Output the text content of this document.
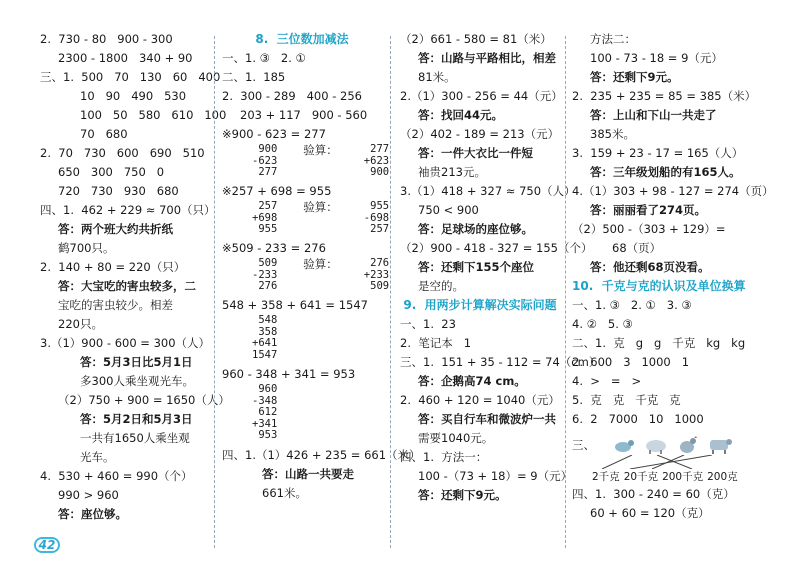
2.  730 - 80   900 - 300
2300 - 1800   340 + 90
三、1.  500   70   130   60   400
10   90   490   530
100   50   580   610   100
70   680
2.  70   730   600   690   510
650   300   750   0
720   730   930   680
四、1.  462 + 229 ≈ 700（只）
答：两个班大约共折纸
鹤700只。
2.  140 + 80 = 220（只）
答：大宝吃的害虫较多，二
宝吃的害虫较少。相差
220只。
3.（1）900 - 600 = 300（人）
答：5月3日比5月1日
多300人乘坐观光车。
（2）750 + 900 = 1650（人）
答：5月2日和5月3日
一共有1650人乘坐观
光车。
4.  530 + 460 = 990（个）
990 > 960
答：座位够。
8.  三位数加减法
一、1. ③   2. ①
二、1.  185
2.  300 - 289   400 - 256
203 + 117   900 - 560
※900 - 623 = 277
900
-623
277
验算：	277
+623
900
※257 + 698 = 955
257
+698
955
验算：	955
-698
257
※509 - 233 = 276
509
-233
276
验算：	276
+233
509
548 + 358 + 641 = 1547
548
358
+641
1547
960 - 348 + 341 = 953
960
-348
612
+341
953
四、1.（1）426 + 235 = 661（米）
答：山路一共要走
661米。
（2）661 - 580 = 81（米）
答：山路与平路相比，相差
81米。
2.（1）300 - 256 = 44（元）
答：找回44元。
（2）402 - 189 = 213（元）
答：一件大衣比一件短
袖贵213元。
3.（1）418 + 327 ≈ 750（人）
750 < 900
答：足球场的座位够。
（2）900 - 418 - 327 = 155（个）
答：还剩下155个座位
是空的。
9.  用两步计算解决实际问题
一、1.  23
2.  笔记本   1
三、1.  151 + 35 - 112 = 74（cm）
答：企鹅高74 cm。
2.  460 + 120 = 1040（元）
答：买自行车和微波炉一共
需要1040元。
四、1.  方法一：
100 -（73 + 18）= 9（元）
答：还剩下9元。
方法二：
100 - 73 - 18 = 9（元）
答：还剩下9元。
2.  235 + 235 = 85 = 385（米）
答：上山和下山一共走了
385米。
3.  159 + 23 - 17 = 165（人）
答：三年级划船的有165人。
4.（1）303 + 98 - 127 = 274（页）
答：丽丽看了274页。
（2）500 -（303 + 129）=
68（页）
答：他还剩68页没看。
10.  千克与克的认识及单位换算
一、1. ③   2. ①   3. ③
4. ②   5. ③
二、1.  克   g   g   千克   kg   kg
2.  600   3   1000   1
4.  >   =   >
5.  克   克   千克   克
6.  2   7000   10   1000
三、
2千克 20千克 200千克 200克
四、1.  300 - 240 = 60（克）
60 + 60 = 120（克）
42
